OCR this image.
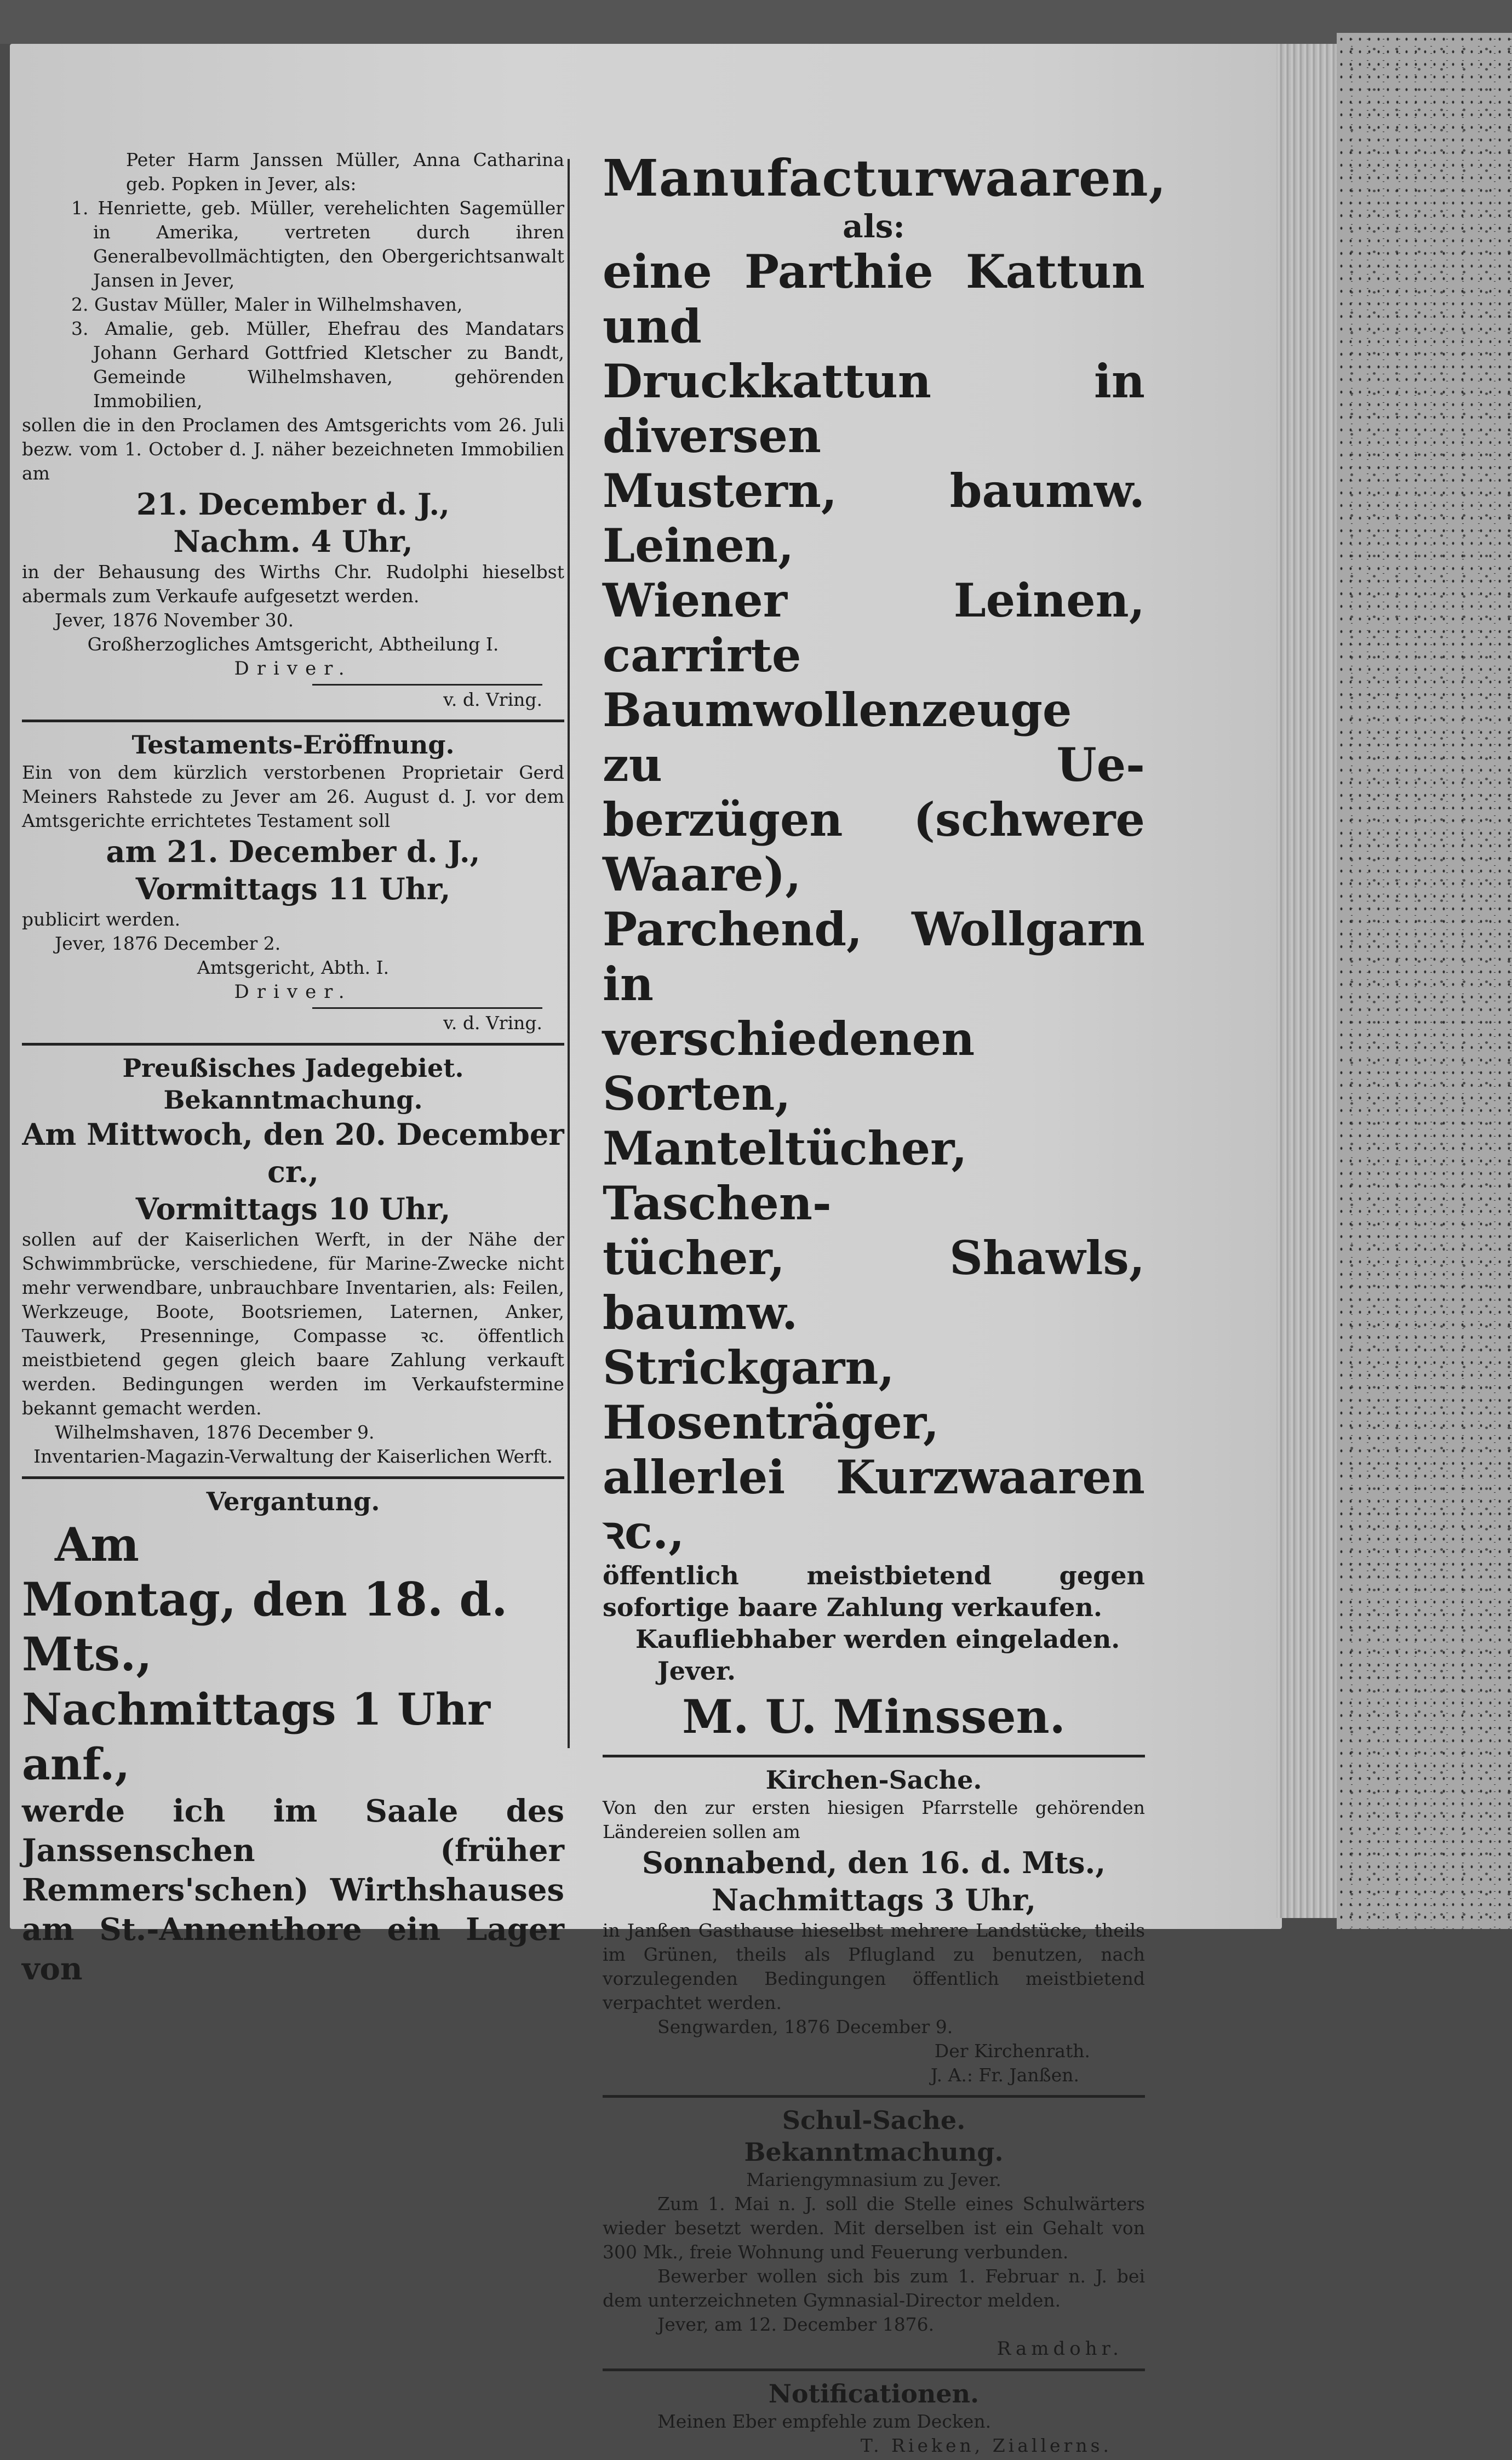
Peter Harm Janssen Müller, Anna Catharina geb. Popken in Jever, als:

1. Henriette, geb. Müller, verehelichten Sagemüller in Amerika, vertreten durch ihren Generalbevollmächtigten, den Obergerichtsanwalt Jansen in Jever,

2. Gustav Müller, Maler in Wilhelmshaven,

3. Amalie, geb. Müller, Ehefrau des Mandatars Johann Gerhard Gottfried Kletscher zu Bandt, Gemeinde Wilhelmshaven, gehörenden Immobilien,

sollen die in den Proclamen des Amtsgerichts vom 26. Juli bezw. vom 1. October d. J. näher bezeichneten Immobilien am

21. December d. J.,

Nachm. 4 Uhr,

in der Behausung des Wirths Chr. Rudolphi hieselbst abermals zum Verkaufe aufgesetzt werden.

Jever, 1876 November 30.

Großherzogliches Amtsgericht, Abtheilung I.

Driver.

v. d. Vring.

Testaments-Eröffnung.

Ein von dem kürzlich verstorbenen Proprietair Gerd Meiners Rahstede zu Jever am 26. August d. J. vor dem Amtsgerichte errichtetes Testament soll

am 21. December d. J.,

Vormittags 11 Uhr,

publicirt werden.

Jever, 1876 December 2.

Amtsgericht, Abth. I.

Driver.

v. d. Vring.

Preußisches Jadegebiet.

Bekanntmachung.

Am Mittwoch, den 20. December cr.,

Vormittags 10 Uhr,

sollen auf der Kaiserlichen Werft, in der Nähe der Schwimmbrücke, verschiedene, für Marine-Zwecke nicht mehr verwendbare, unbrauchbare Inventarien, als: Feilen, Werkzeuge, Boote, Bootsriemen, Laternen, Anker, Tauwerk, Presenninge, Compasse ꝛc. öffentlich meistbietend gegen gleich baare Zahlung verkauft werden. Bedingungen werden im Verkaufstermine bekannt gemacht werden.

Wilhelmshaven, 1876 December 9.

Inventarien-Magazin-Verwaltung der Kaiserlichen Werft.

Vergantung.

Am

Montag, den 18. d. Mts.,

Nachmittags 1 Uhr anf.,

werde ich im Saale des Janssenschen (früher Remmers'schen) Wirthshauses am St.-Annenthore ein Lager von

Manufacturwaaren,

als:

eine Parthie Kattun und

Druckkattun in diversen

Mustern, baumw. Leinen,

Wiener Leinen, carrirte

Baumwollenzeuge zu Ue-

berzügen (schwere Waare),

Parchend, Wollgarn in

verschiedenen Sorten,

Manteltücher, Taschen-

tücher, Shawls, baumw.

Strickgarn, Hosenträger,

allerlei Kurzwaaren ꝛc.,

öffentlich meistbietend gegen sofortige baare Zahlung verkaufen.

Kaufliebhaber werden eingeladen.

Jever.

M. U. Minssen.

Kirchen-Sache.

Von den zur ersten hiesigen Pfarrstelle gehörenden Ländereien sollen am

Sonnabend, den 16. d. Mts.,

Nachmittags 3 Uhr,

in Janßen Gasthause hieselbst mehrere Landstücke, theils im Grünen, theils als Pflugland zu benutzen, nach vorzulegenden Bedingungen öffentlich meistbietend verpachtet werden.

Sengwarden, 1876 December 9.

Der Kirchenrath.

J. A.: Fr. Janßen.

Schul-Sache.

Bekanntmachung.

Mariengymnasium zu Jever.

Zum 1. Mai n. J. soll die Stelle eines Schulwärters wieder besetzt werden. Mit derselben ist ein Gehalt von 300 Mk., freie Wohnung und Feuerung verbunden.

Bewerber wollen sich bis zum 1. Februar n. J. bei dem unterzeichneten Gymnasial-Director melden.

Jever, am 12. December 1876.

Ramdohr.

Notificationen.

Meinen Eber empfehle zum Decken.

T. Rieken, Ziallerns.
